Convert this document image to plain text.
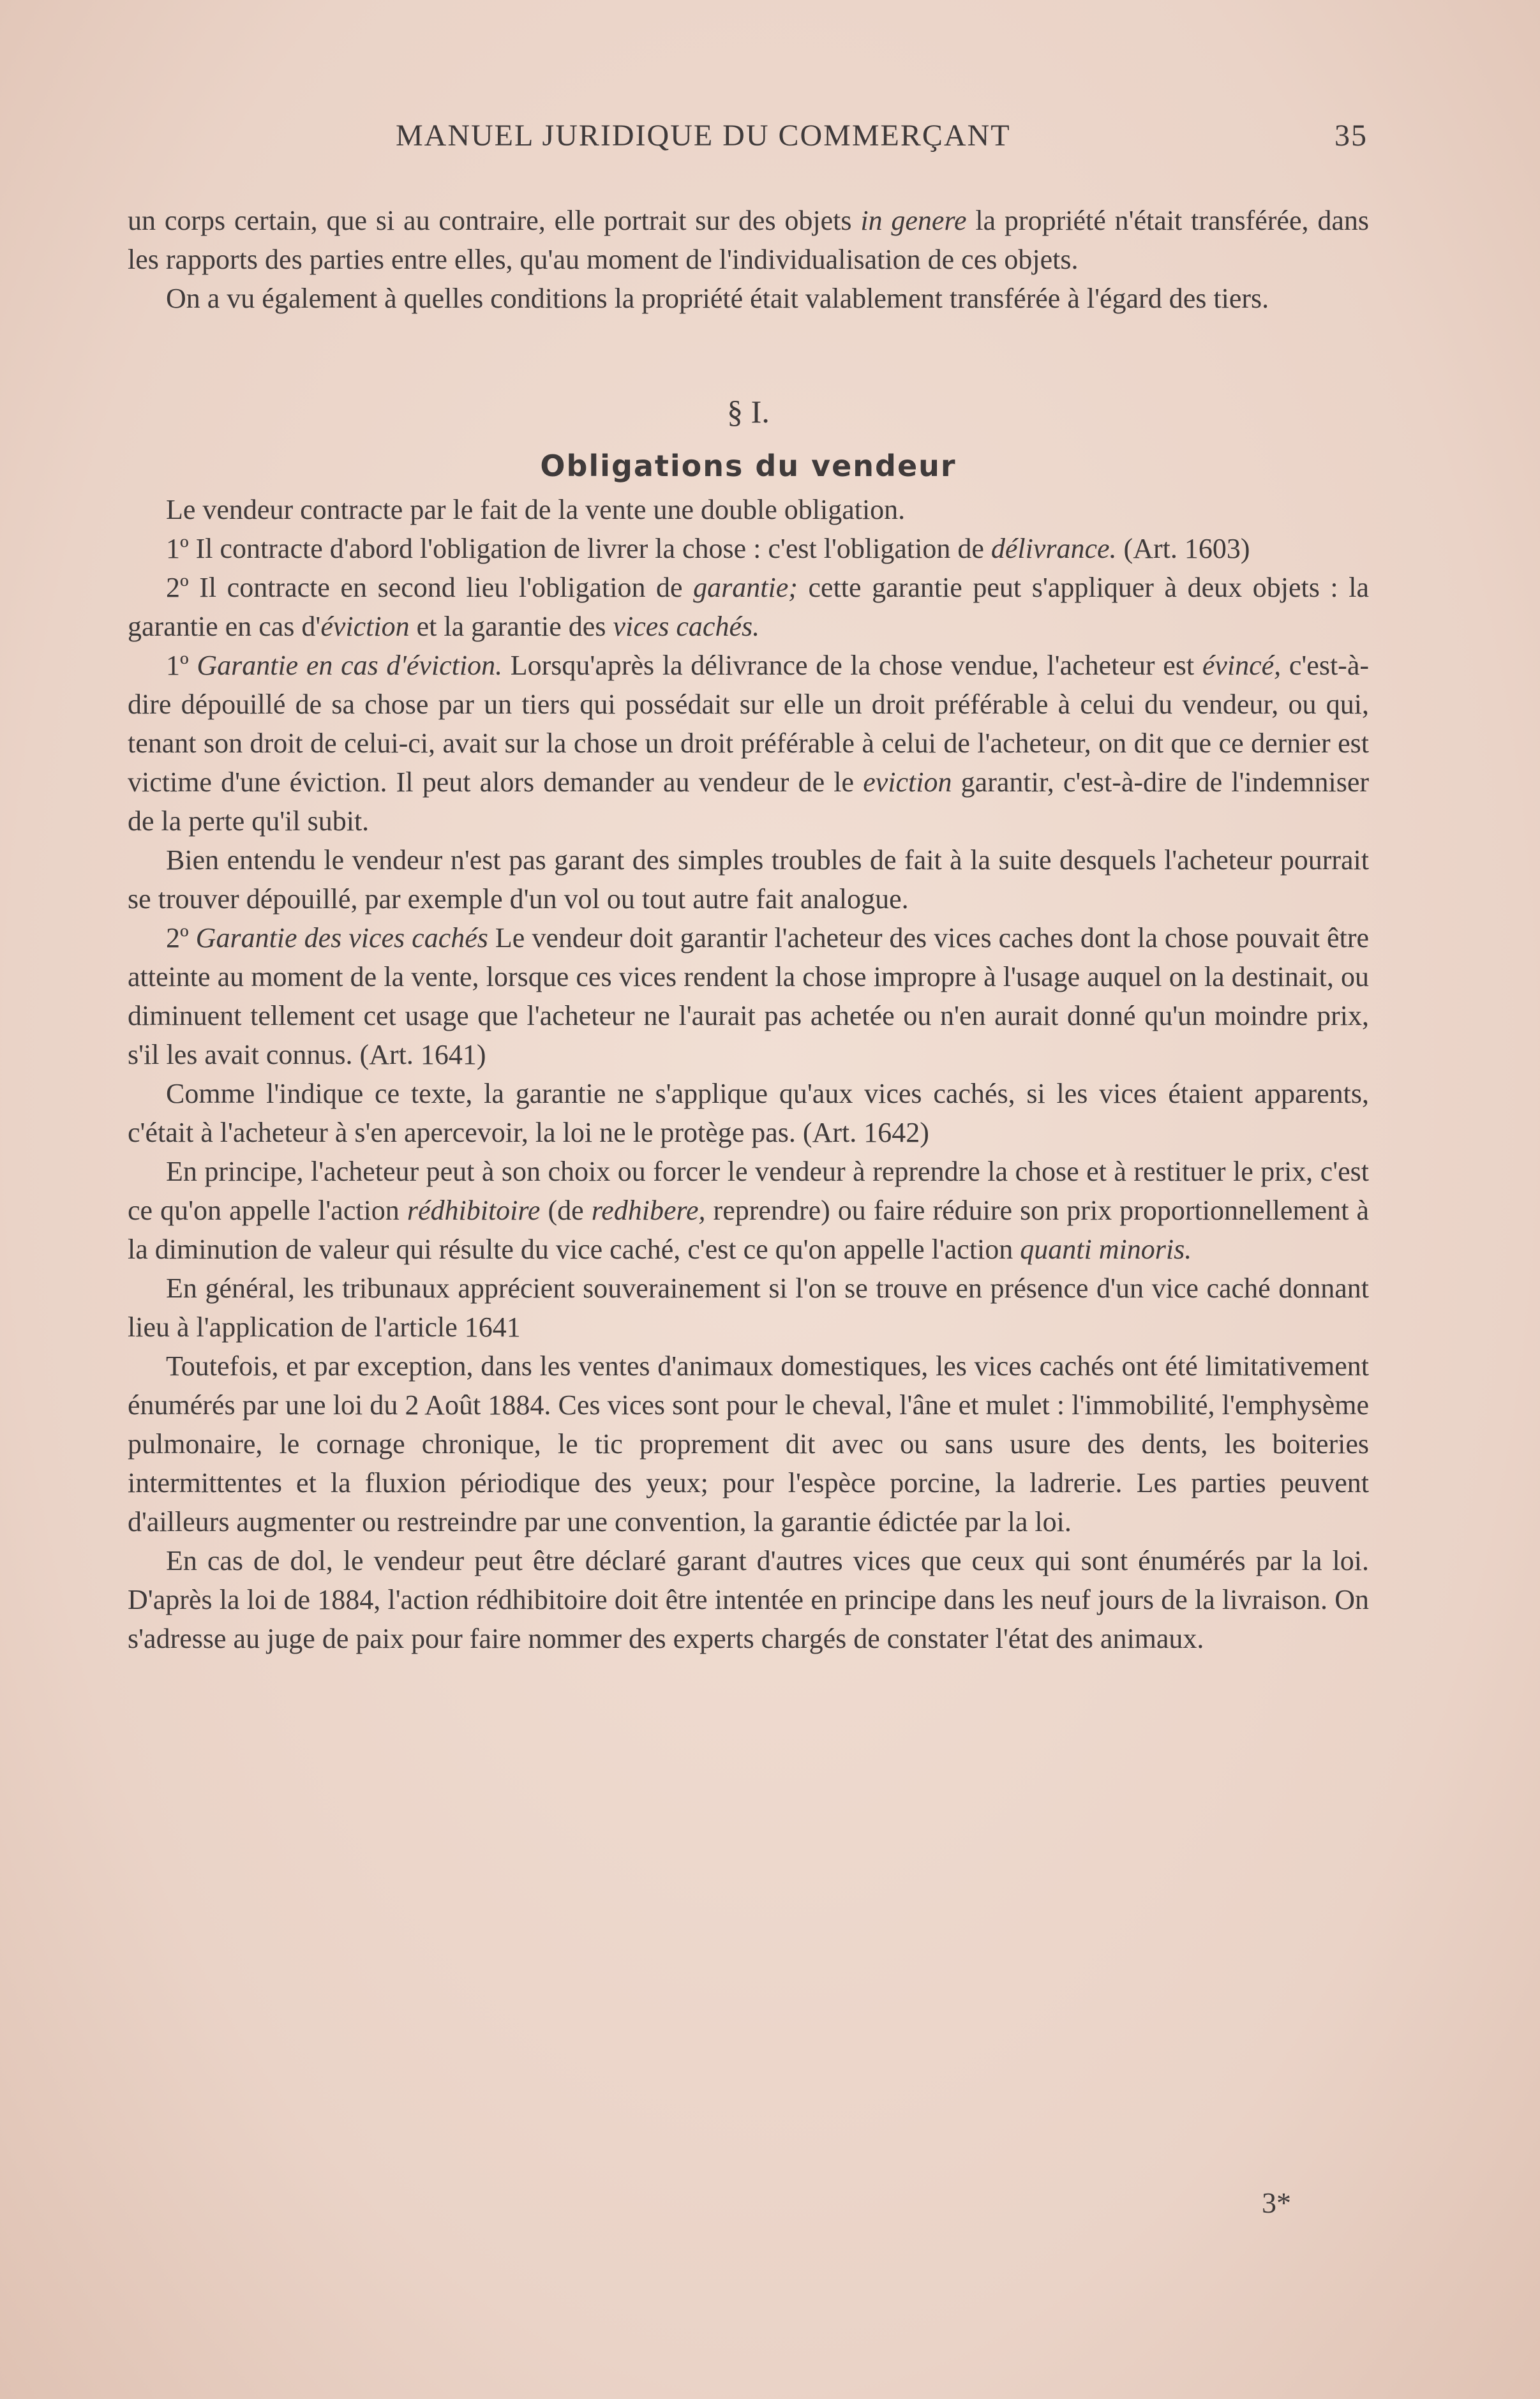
MANUEL JURIDIQUE DU COMMERÇANT	35

un corps certain, que si au contraire, elle portrait sur des objets in genere la propriété n'était transférée, dans les rapports des parties entre elles, qu'au moment de l'individualisation de ces objets.

On a vu également à quelles conditions la propriété était valablement transférée à l'égard des tiers.

§ I.
Obligations du vendeur

Le vendeur contracte par le fait de la vente une double obligation.

1º Il contracte d'abord l'obligation de livrer la chose : c'est l'obligation de délivrance. (Art. 1603)

2º Il contracte en second lieu l'obligation de garantie; cette garantie peut s'appliquer à deux objets : la garantie en cas d'éviction et la garantie des vices cachés.

1º Garantie en cas d'éviction. Lorsqu'après la délivrance de la chose vendue, l'acheteur est évincé, c'est-à-dire dépouillé de sa chose par un tiers qui possédait sur elle un droit préférable à celui du vendeur, ou qui, tenant son droit de celui-ci, avait sur la chose un droit préférable à celui de l'acheteur, on dit que ce dernier est victime d'une éviction. Il peut alors demander au vendeur de le eviction garantir, c'est-à-dire de l'indemniser de la perte qu'il subit.

Bien entendu le vendeur n'est pas garant des simples troubles de fait à la suite desquels l'acheteur pourrait se trouver dépouillé, par exemple d'un vol ou tout autre fait analogue.

2º Garantie des vices cachés Le vendeur doit garantir l'acheteur des vices caches dont la chose pouvait être atteinte au moment de la vente, lorsque ces vices rendent la chose impropre à l'usage auquel on la destinait, ou diminuent tellement cet usage que l'acheteur ne l'aurait pas achetée ou n'en aurait donné qu'un moindre prix, s'il les avait connus. (Art. 1641)

Comme l'indique ce texte, la garantie ne s'applique qu'aux vices cachés, si les vices étaient apparents, c'était à l'acheteur à s'en apercevoir, la loi ne le protège pas. (Art. 1642)

En principe, l'acheteur peut à son choix ou forcer le vendeur à reprendre la chose et à restituer le prix, c'est ce qu'on appelle l'action rédhibitoire (de redhibere, reprendre) ou faire réduire son prix proportionnellement à la diminution de valeur qui résulte du vice caché, c'est ce qu'on appelle l'action quanti minoris.

En général, les tribunaux apprécient souverainement si l'on se trouve en présence d'un vice caché donnant lieu à l'application de l'article 1641

Toutefois, et par exception, dans les ventes d'animaux domestiques, les vices cachés ont été limitativement énumérés par une loi du 2 Août 1884. Ces vices sont pour le cheval, l'âne et mulet : l'immobilité, l'emphysème pulmonaire, le cornage chronique, le tic proprement dit avec ou sans usure des dents, les boiteries intermittentes et la fluxion périodique des yeux; pour l'espèce porcine, la ladrerie. Les parties peuvent d'ailleurs augmenter ou restreindre par une convention, la garantie édictée par la loi.

En cas de dol, le vendeur peut être déclaré garant d'autres vices que ceux qui sont énumérés par la loi. D'après la loi de 1884, l'action rédhibitoire doit être intentée en principe dans les neuf jours de la livraison. On s'adresse au juge de paix pour faire nommer des experts chargés de constater l'état des animaux.

3*
